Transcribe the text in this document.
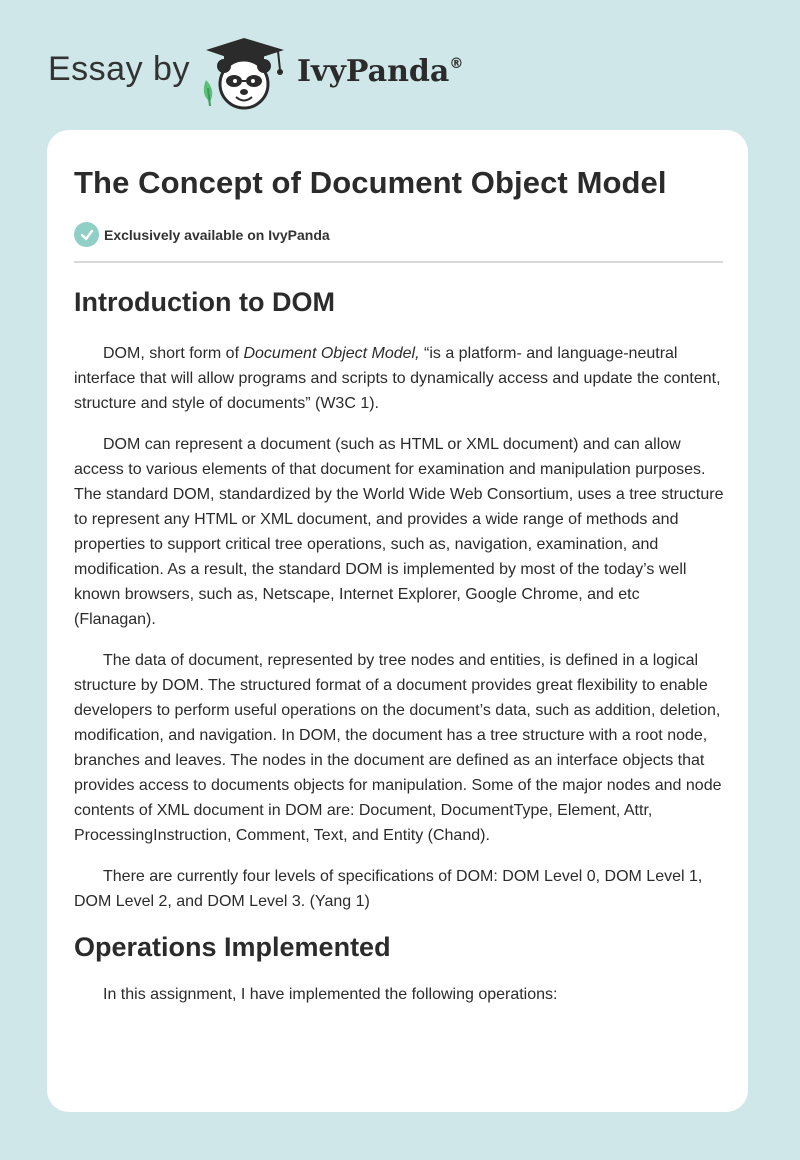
Essay by	IvyPanda®
The Concept of Document Object Model
Exclusively available on IvyPanda
Introduction to DOM

DOM, short form of Document Object Model, “is a platform- and language-neutral interface that will allow programs and scripts to dynamically access and update the content, structure and style of documents” (W3C 1).

DOM can represent a document (such as HTML or XML document) and can allow access to various elements of that document for examination and manipulation purposes. The standard DOM, standardized by the World Wide Web Consortium, uses a tree structure to represent any HTML or XML document, and provides a wide range of methods and properties to support critical tree operations, such as, navigation, examination, and modification. As a result, the standard DOM is implemented by most of the today’s well known browsers, such as, Netscape, Internet Explorer, Google Chrome, and etc (Flanagan).

The data of document, represented by tree nodes and entities, is defined in a logical structure by DOM. The structured format of a document provides great flexibility to enable developers to perform useful operations on the document’s data, such as addition, deletion, modification, and navigation. In DOM, the document has a tree structure with a root node, branches and leaves. The nodes in the document are defined as an interface objects that provides access to documents objects for manipulation. Some of the major nodes and node contents of XML document in DOM are: Document, DocumentType, Element, Attr, ProcessingInstruction, Comment, Text, and Entity (Chand).

There are currently four levels of specifications of DOM: DOM Level 0, DOM Level 1, DOM Level 2, and DOM Level 3. (Yang 1)

Operations Implemented

In this assignment, I have implemented the following operations:
